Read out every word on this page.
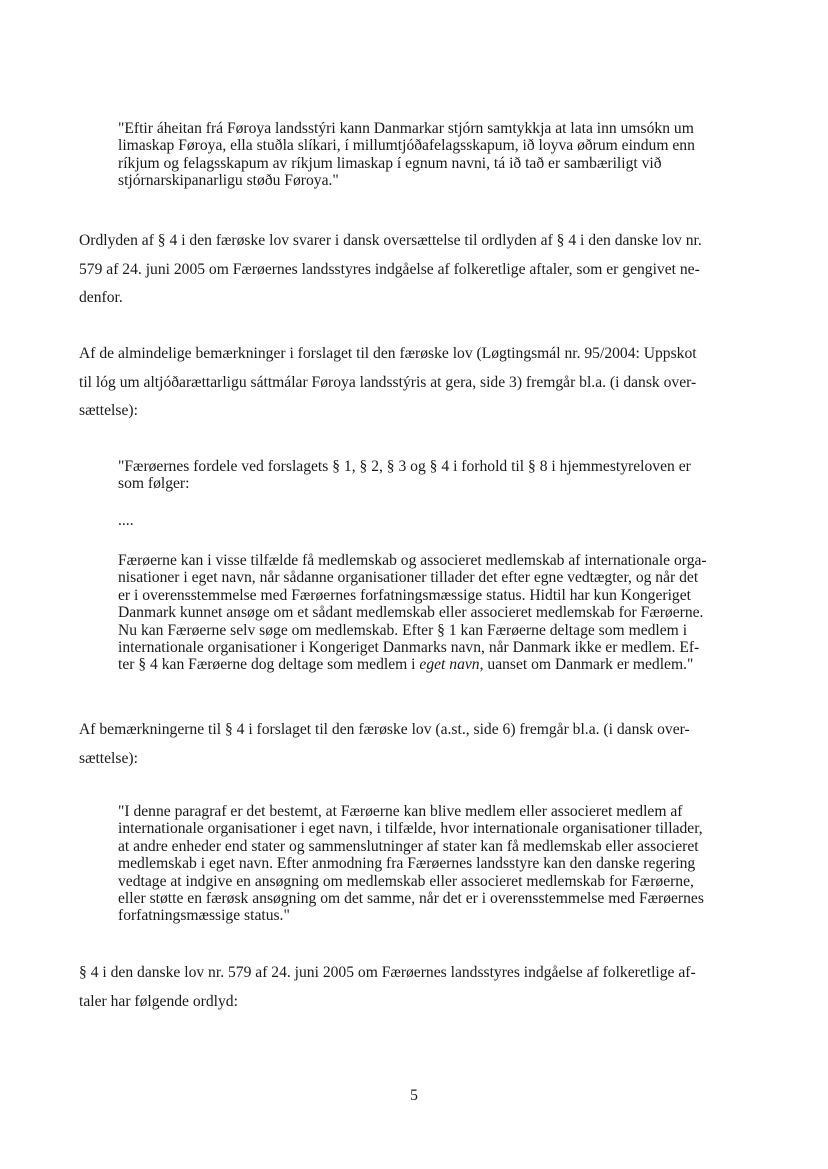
"Eftir áheitan frá Føroya landsstýri kann Danmarkar stjórn samtykkja at lata inn umsókn um
limaskap Føroya, ella stuðla slíkari, í millumtjóðafelagsskapum, ið loyva øðrum eindum enn
ríkjum og felagsskapum av ríkjum limaskap í egnum navni, tá ið tað er sambæriligt við
stjórnarskipanarligu støðu Føroya."
Ordlyden af § 4 i den færøske lov svarer i dansk oversættelse til ordlyden af § 4 i den danske lov nr.
579 af 24. juni 2005 om Færøernes landsstyres indgåelse af folkeretlige aftaler, som er gengivet ne-
denfor.
Af de almindelige bemærkninger i forslaget til den færøske lov (Løgtingsmál nr. 95/2004: Uppskot
til lóg um altjóðarættarligu sáttmálar Føroya landsstýris at gera, side 3) fremgår bl.a. (i dansk over-
sættelse):
"Færøernes fordele ved forslagets § 1, § 2, § 3 og § 4 i forhold til § 8 i hjemmestyreloven er
som følger:
....
Færøerne kan i visse tilfælde få medlemskab og associeret medlemskab af internationale orga-
nisationer i eget navn, når sådanne organisationer tillader det efter egne vedtægter, og når det
er i overensstemmelse med Færøernes forfatningsmæssige status. Hidtil har kun Kongeriget
Danmark kunnet ansøge om et sådant medlemskab eller associeret medlemskab for Færøerne.
Nu kan Færøerne selv søge om medlemskab. Efter § 1 kan Færøerne deltage som medlem i
internationale organisationer i Kongeriget Danmarks navn, når Danmark ikke er medlem. Ef-
ter § 4 kan Færøerne dog deltage som medlem i eget navn, uanset om Danmark er medlem."
Af bemærkningerne til § 4 i forslaget til den færøske lov (a.st., side 6) fremgår bl.a. (i dansk over-
sættelse):
"I denne paragraf er det bestemt, at Færøerne kan blive medlem eller associeret medlem af
internationale organisationer i eget navn, i tilfælde, hvor internationale organisationer tillader,
at andre enheder end stater og sammenslutninger af stater kan få medlemskab eller associeret
medlemskab i eget navn. Efter anmodning fra Færøernes landsstyre kan den danske regering
vedtage at indgive en ansøgning om medlemskab eller associeret medlemskab for Færøerne,
eller støtte en færøsk ansøgning om det samme, når det er i overensstemmelse med Færøernes
forfatningsmæssige status."
§ 4 i den danske lov nr. 579 af 24. juni 2005 om Færøernes landsstyres indgåelse af folkeretlige af-
taler har følgende ordlyd:
5
